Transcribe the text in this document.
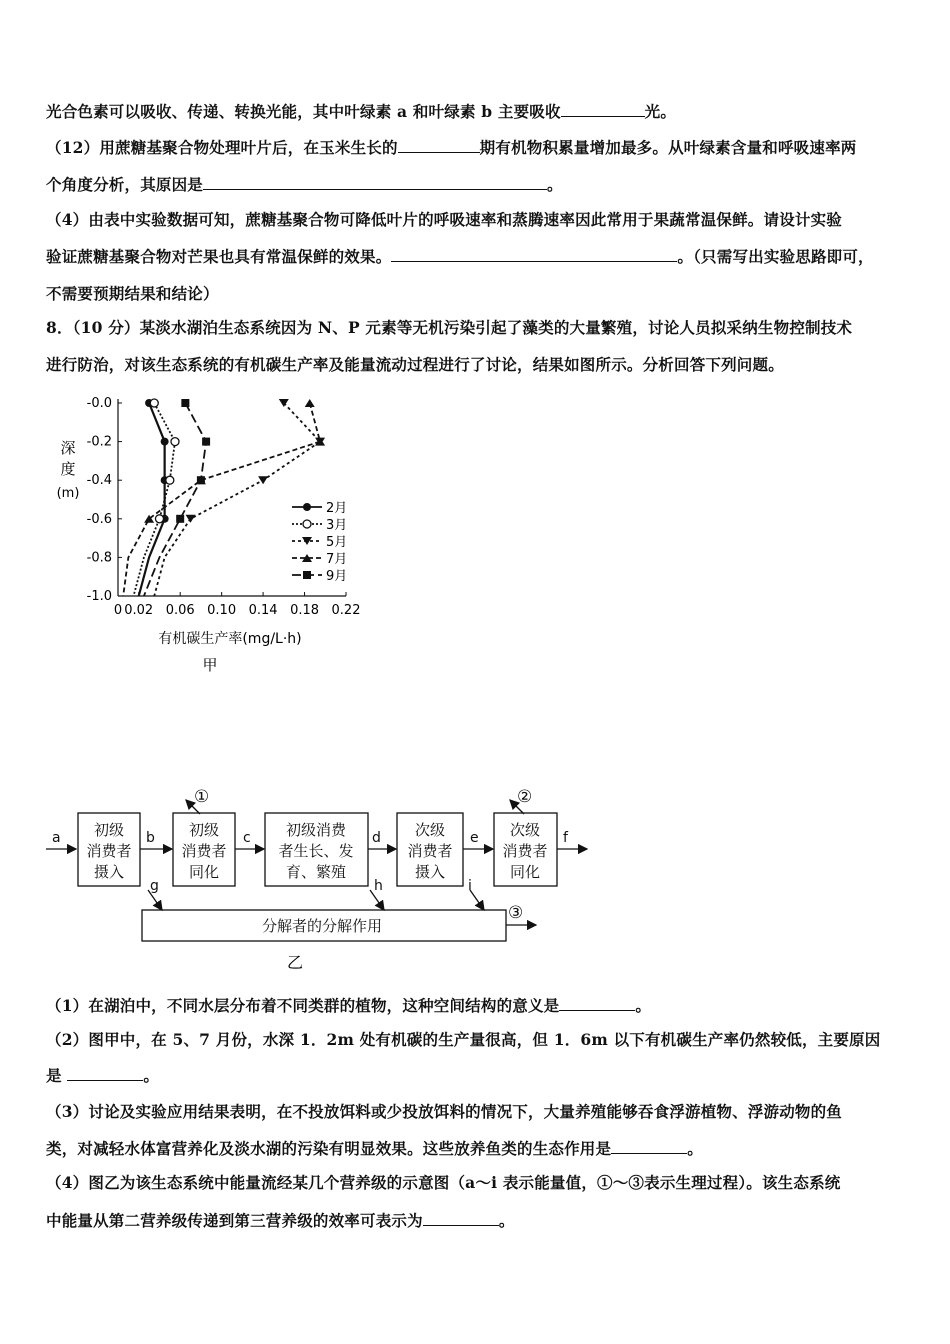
光合色素可以吸收、传递、转换光能，其中叶绿素 a 和叶绿素 b 主要吸收	光。
（12）用蔗糖基聚合物处理叶片后，在玉米生长的	期有机物积累量增加最多。从叶绿素含量和呼吸速率两
个角度分析，其原因是	。
（4）由表中实验数据可知，蔗糖基聚合物可降低叶片的呼吸速率和蒸腾速率因此常用于果蔬常温保鲜。请设计实验
验证蔗糖基聚合物对芒果也具有常温保鲜的效果。	。（只需写出实验思路即可，
不需要预期结果和结论）
8．（10 分）某淡水湖泊生态系统因为 N、P 元素等无机污染引起了藻类的大量繁殖，讨论人员拟采纳生物控制技术
进行防治，对该生态系统的有机碳生产率及能量流动过程进行了讨论，结果如图所示。分析回答下列问题。
-0.0
-0.2
-0.4
-0.6
-0.8
-1.0
0 0.02 0.06 0.10 0.14 0.18 0.22
2月
3月
5月
7月
9月
深
度
(m)
有机碳生产率(mg/L·h)
甲
初级
消费者
摄入
初级
消费者
同化
初级消费
者生长、发
育、繁殖
次级
消费者
摄入
次级
消费者
同化
分解者的分解作用
a	b	c	d	e	f
g	h	i
①	②
③
乙
（1）在湖泊中，不同水层分布着不同类群的植物，这种空间结构的意义是	。
（2）图甲中，在 5、7 月份，水深 1．2m 处有机碳的生产量很高，但 1．6m 以下有机碳生产率仍然较低，主要原因
是	。
（3）讨论及实验应用结果表明，在不投放饵料或少投放饵料的情况下，大量养殖能够吞食浮游植物、浮游动物的鱼
类，对减轻水体富营养化及淡水湖的污染有明显效果。这些放养鱼类的生态作用是	。
（4）图乙为该生态系统中能量流经某几个营养级的示意图（a～i 表示能量值，①～③表示生理过程）。该生态系统
中能量从第二营养级传递到第三营养级的效率可表示为	。
